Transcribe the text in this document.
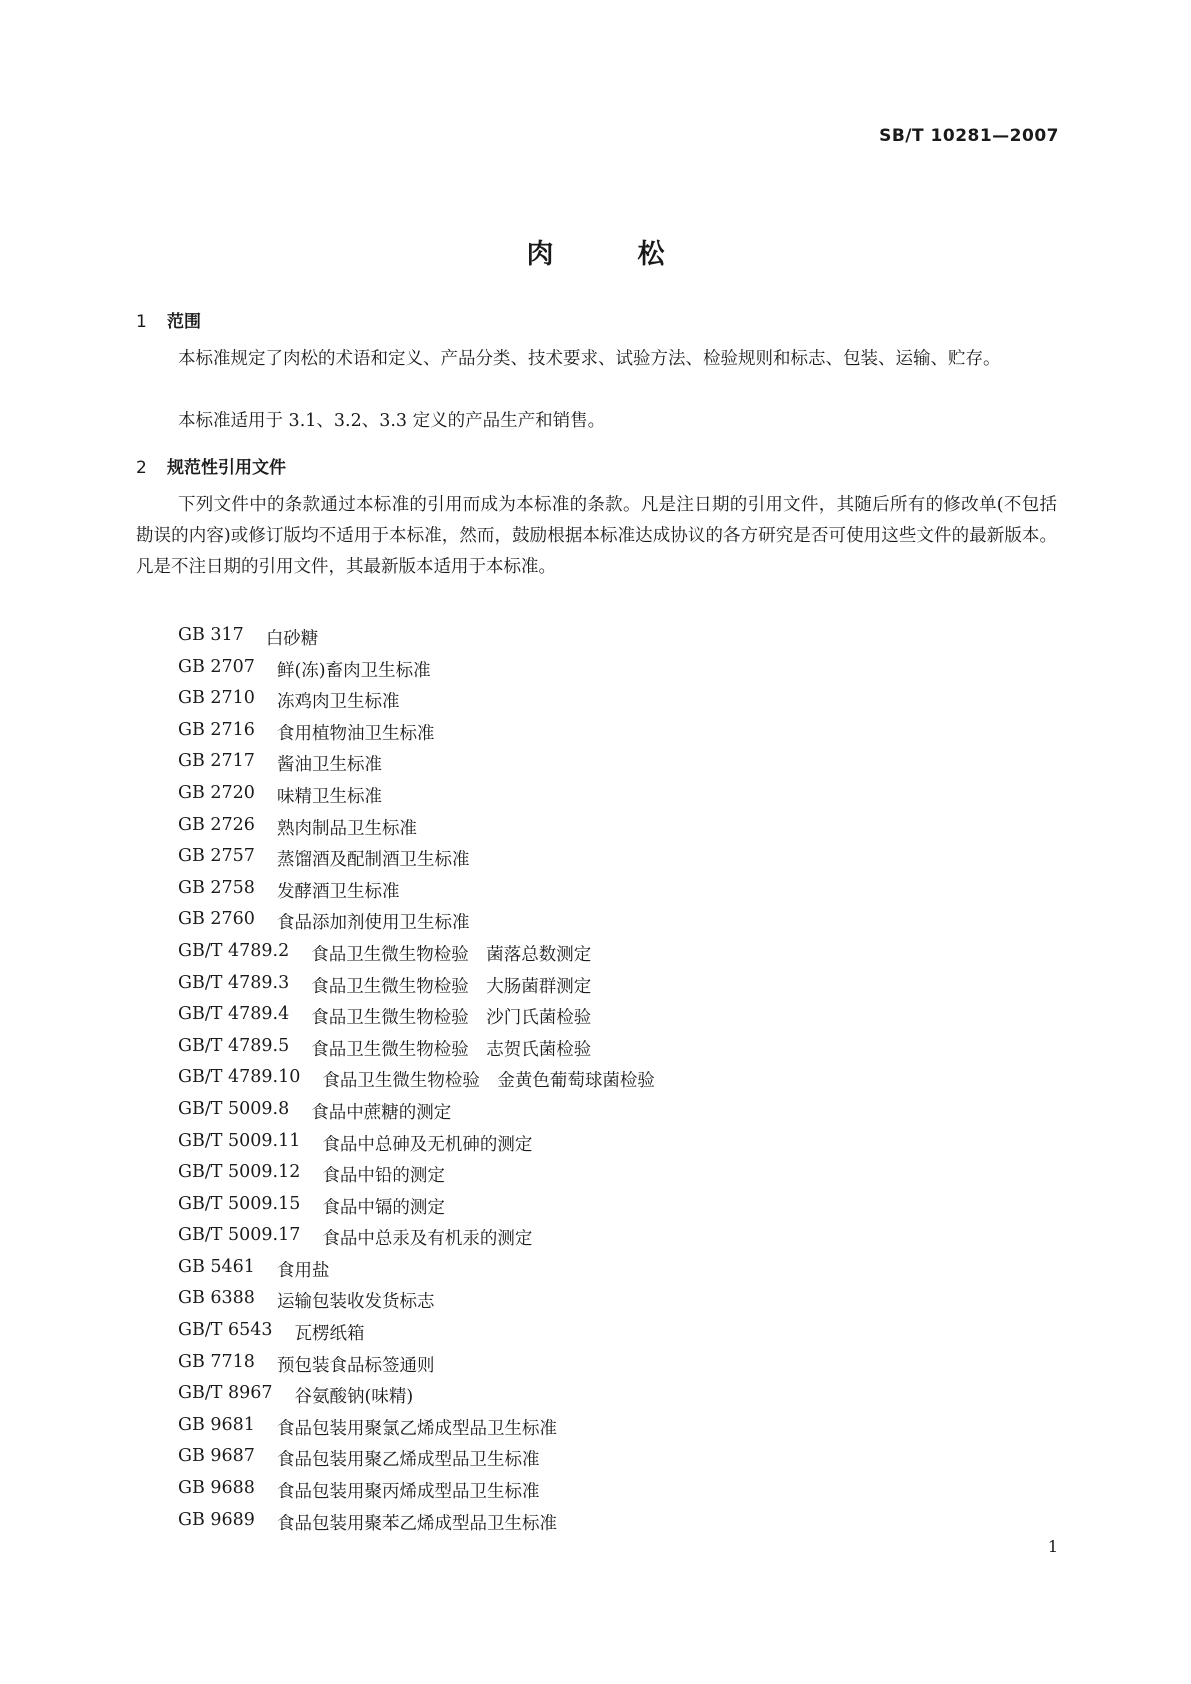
SB/T 10281—2007
肉松
1 范围
本标准规定了肉松的术语和定义、产品分类、技术要求、试验方法、检验规则和标志、包装、运输、贮存。
本标准适用于 3.1、3.2、3.3 定义的产品生产和销售。
2 规范性引用文件
下列文件中的条款通过本标准的引用而成为本标准的条款。凡是注日期的引用文件，其随后所有的修改单(不包括勘误的内容)或修订版均不适用于本标准，然而，鼓励根据本标准达成协议的各方研究是否可使用这些文件的最新版本。凡是不注日期的引用文件，其最新版本适用于本标准。
GB 317 白砂糖
GB 2707 鲜(冻)畜肉卫生标准
GB 2710 冻鸡肉卫生标准
GB 2716 食用植物油卫生标准
GB 2717 酱油卫生标准
GB 2720 味精卫生标准
GB 2726 熟肉制品卫生标准
GB 2757 蒸馏酒及配制酒卫生标准
GB 2758 发酵酒卫生标准
GB 2760 食品添加剂使用卫生标准
GB/T 4789.2 食品卫生微生物检验　菌落总数测定
GB/T 4789.3 食品卫生微生物检验　大肠菌群测定
GB/T 4789.4 食品卫生微生物检验　沙门氏菌检验
GB/T 4789.5 食品卫生微生物检验　志贺氏菌检验
GB/T 4789.10 食品卫生微生物检验　金黄色葡萄球菌检验
GB/T 5009.8 食品中蔗糖的测定
GB/T 5009.11 食品中总砷及无机砷的测定
GB/T 5009.12 食品中铅的测定
GB/T 5009.15 食品中镉的测定
GB/T 5009.17 食品中总汞及有机汞的测定
GB 5461 食用盐
GB 6388 运输包装收发货标志
GB/T 6543 瓦楞纸箱
GB 7718 预包装食品标签通则
GB/T 8967 谷氨酸钠(味精)
GB 9681 食品包装用聚氯乙烯成型品卫生标准
GB 9687 食品包装用聚乙烯成型品卫生标准
GB 9688 食品包装用聚丙烯成型品卫生标准
GB 9689 食品包装用聚苯乙烯成型品卫生标准
1
